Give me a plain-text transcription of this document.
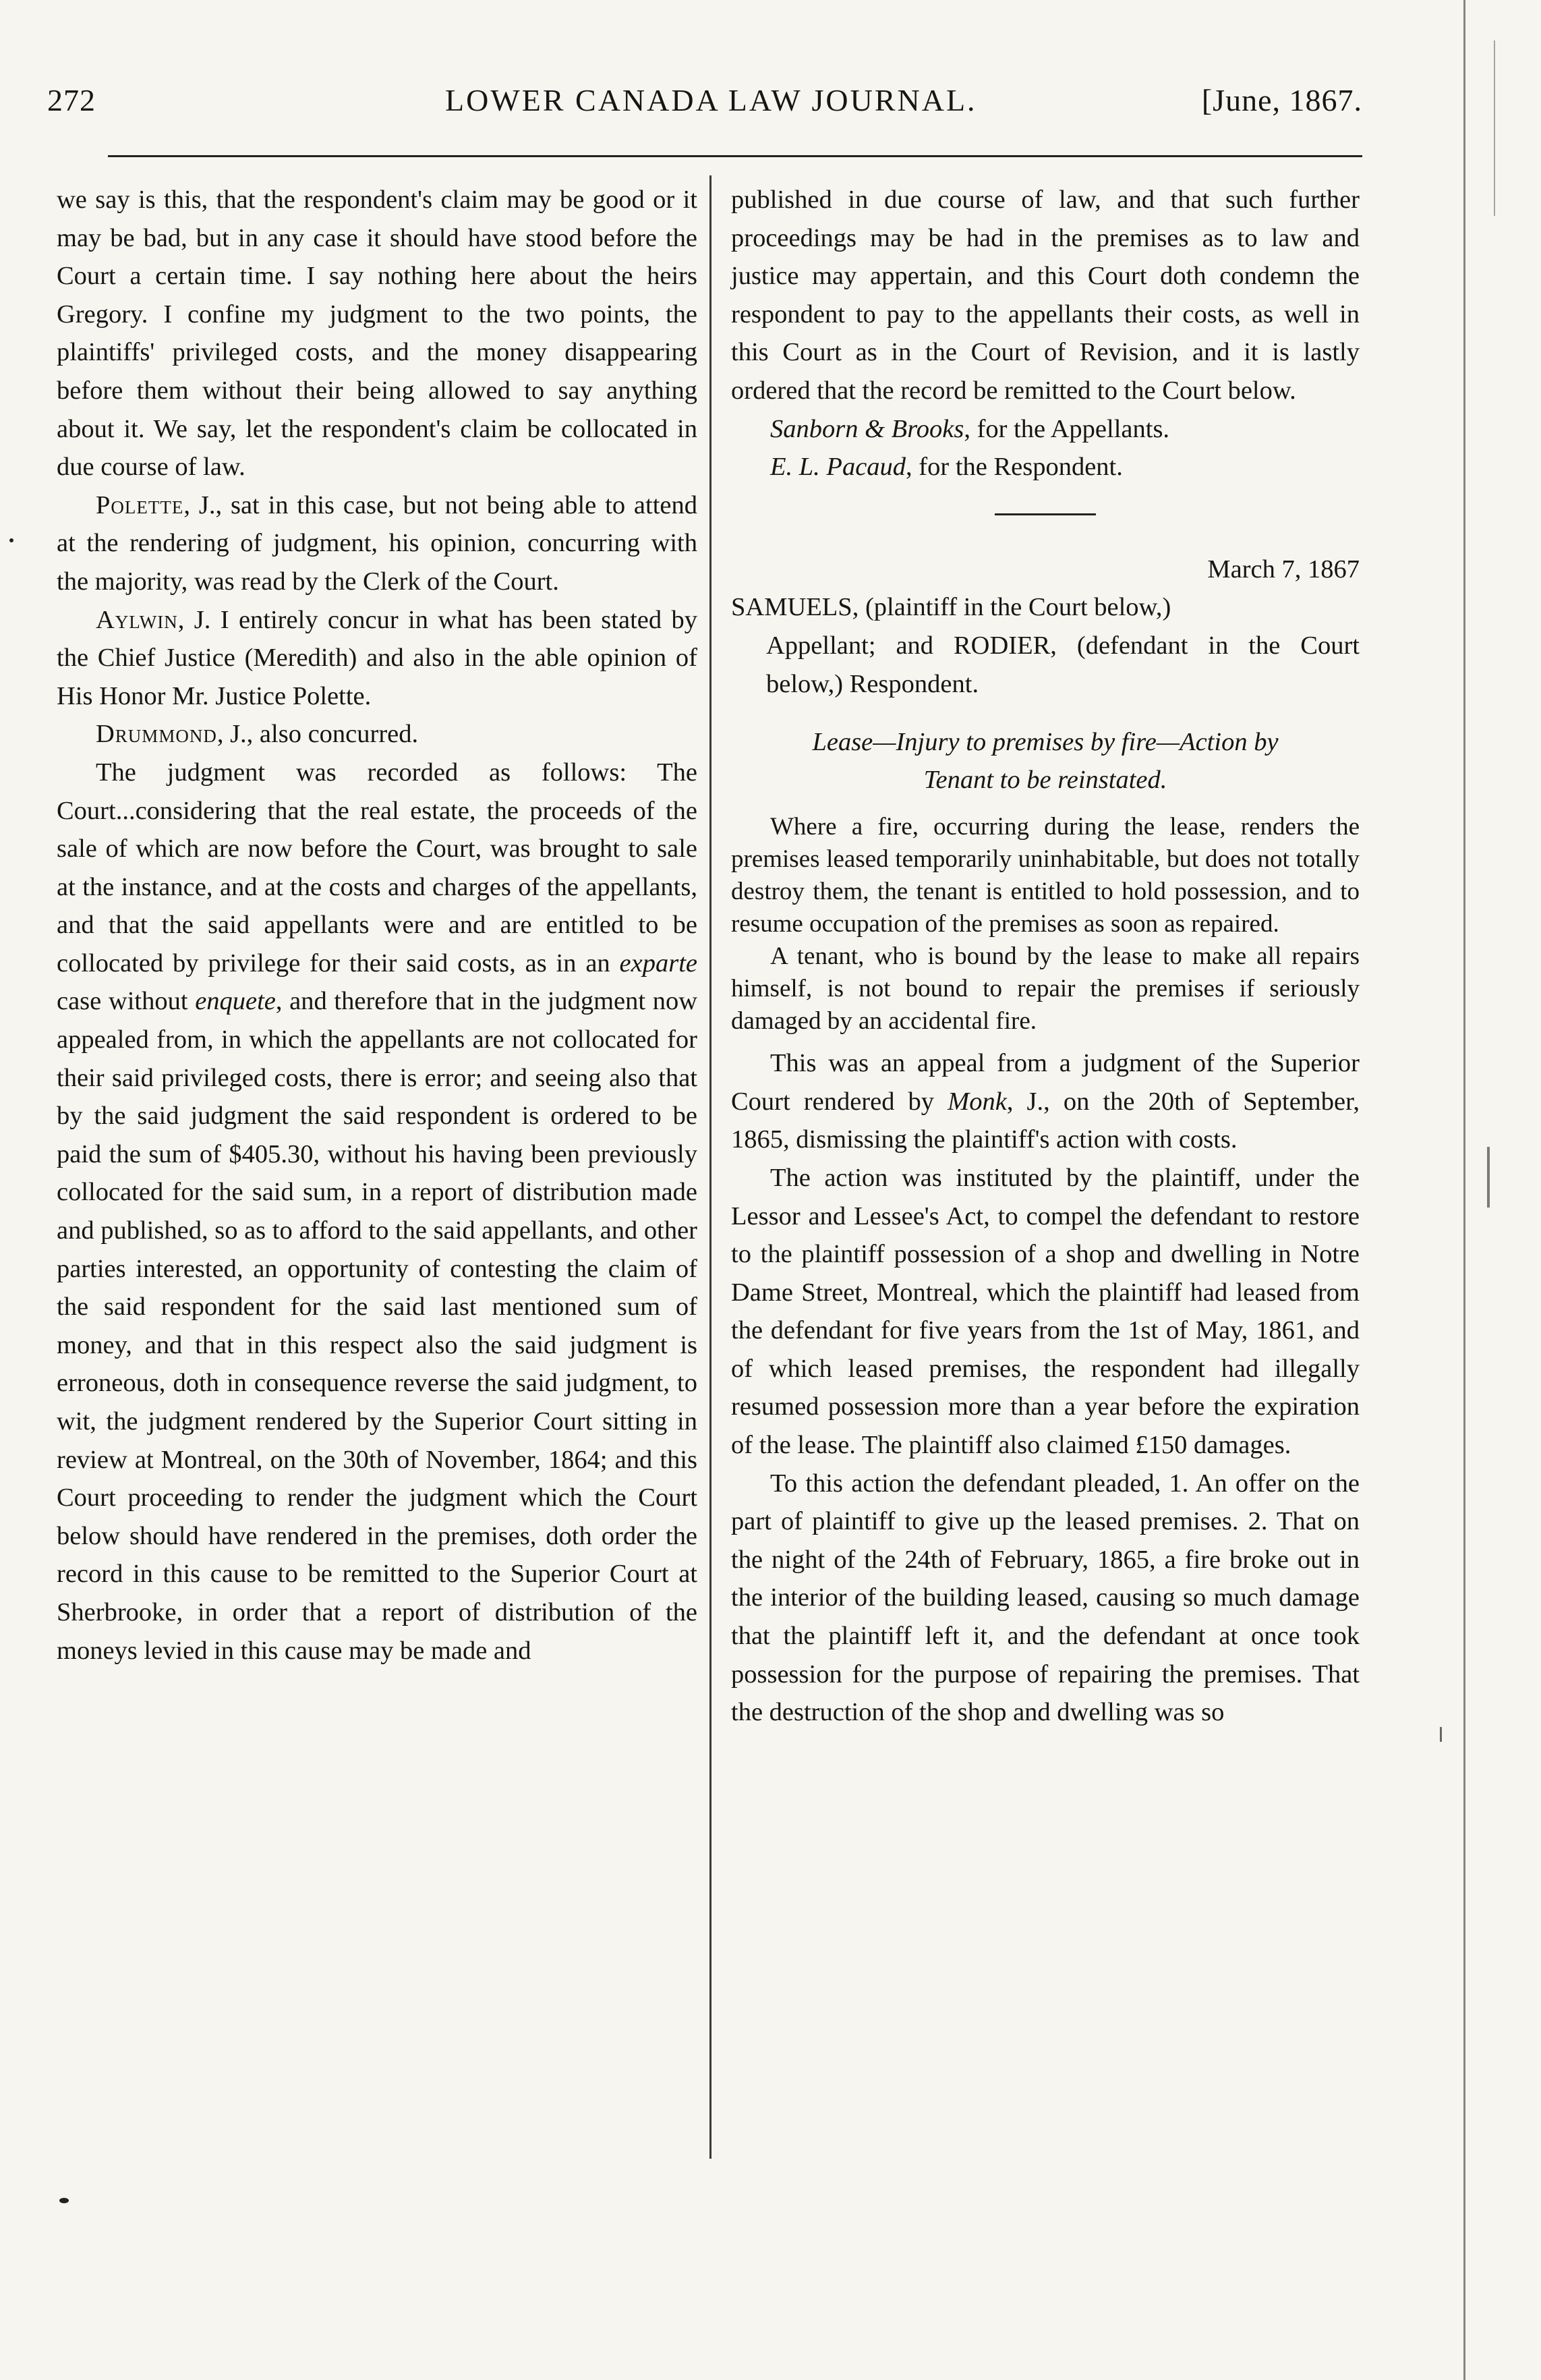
272	LOWER CANADA LAW JOURNAL.	[June, 1867.

we say is this, that the respondent's claim may be good or it may be bad, but in any case it should have stood before the Court a certain time. I say nothing here about the heirs Gregory. I confine my judgment to the two points, the plaintiffs' privileged costs, and the money disappearing before them without their being allowed to say anything about it. We say, let the respondent's claim be collocated in due course of law.

Polette, J., sat in this case, but not being able to attend at the rendering of judgment, his opinion, concurring with the majority, was read by the Clerk of the Court.

Aylwin, J. I entirely concur in what has been stated by the Chief Justice (Meredith) and also in the able opinion of His Honor Mr. Justice Polette.

Drummond, J., also concurred.

The judgment was recorded as follows: The Court...considering that the real estate, the proceeds of the sale of which are now before the Court, was brought to sale at the instance, and at the costs and charges of the appellants, and that the said appellants were and are entitled to be collocated by privilege for their said costs, as in an exparte case without enquete, and therefore that in the judgment now appealed from, in which the appellants are not collocated for their said privileged costs, there is error; and seeing also that by the said judgment the said respondent is ordered to be paid the sum of $405.30, without his having been previously collocated for the said sum, in a report of distribution made and published, so as to afford to the said appellants, and other parties interested, an opportunity of contesting the claim of the said respondent for the said last mentioned sum of money, and that in this respect also the said judgment is erroneous, doth in consequence reverse the said judgment, to wit, the judgment rendered by the Superior Court sitting in review at Montreal, on the 30th of November, 1864; and this Court proceeding to render the judgment which the Court below should have rendered in the premises, doth order the record in this cause to be remitted to the Superior Court at Sherbrooke, in order that a report of distribution of the moneys levied in this cause may be made and

published in due course of law, and that such further proceedings may be had in the premises as to law and justice may appertain, and this Court doth condemn the respondent to pay to the appellants their costs, as well in this Court as in the Court of Revision, and it is lastly ordered that the record be remitted to the Court below.

Sanborn & Brooks, for the Appellants.

E. L. Pacaud, for the Respondent.

March 7, 1867

SAMUELS, (plaintiff in the Court below,)
Appellant; and RODIER, (defendant in the Court below,) Respondent.

Lease—Injury to premises by fire—Action by
Tenant to be reinstated.

Where a fire, occurring during the lease, renders the premises leased temporarily uninhabitable, but does not totally destroy them, the tenant is entitled to hold possession, and to resume occupation of the premises as soon as repaired.

A tenant, who is bound by the lease to make all repairs himself, is not bound to repair the premises if seriously damaged by an accidental fire.

This was an appeal from a judgment of the Superior Court rendered by Monk, J., on the 20th of September, 1865, dismissing the plaintiff's action with costs.

The action was instituted by the plaintiff, under the Lessor and Lessee's Act, to compel the defendant to restore to the plaintiff possession of a shop and dwelling in Notre Dame Street, Montreal, which the plaintiff had leased from the defendant for five years from the 1st of May, 1861, and of which leased premises, the respondent had illegally resumed possession more than a year before the expiration of the lease. The plaintiff also claimed £150 damages.

To this action the defendant pleaded, 1. An offer on the part of plaintiff to give up the leased premises. 2. That on the night of the 24th of February, 1865, a fire broke out in the interior of the building leased, causing so much damage that the plaintiff left it, and the defendant at once took possession for the purpose of repairing the premises. That the destruction of the shop and dwelling was so
